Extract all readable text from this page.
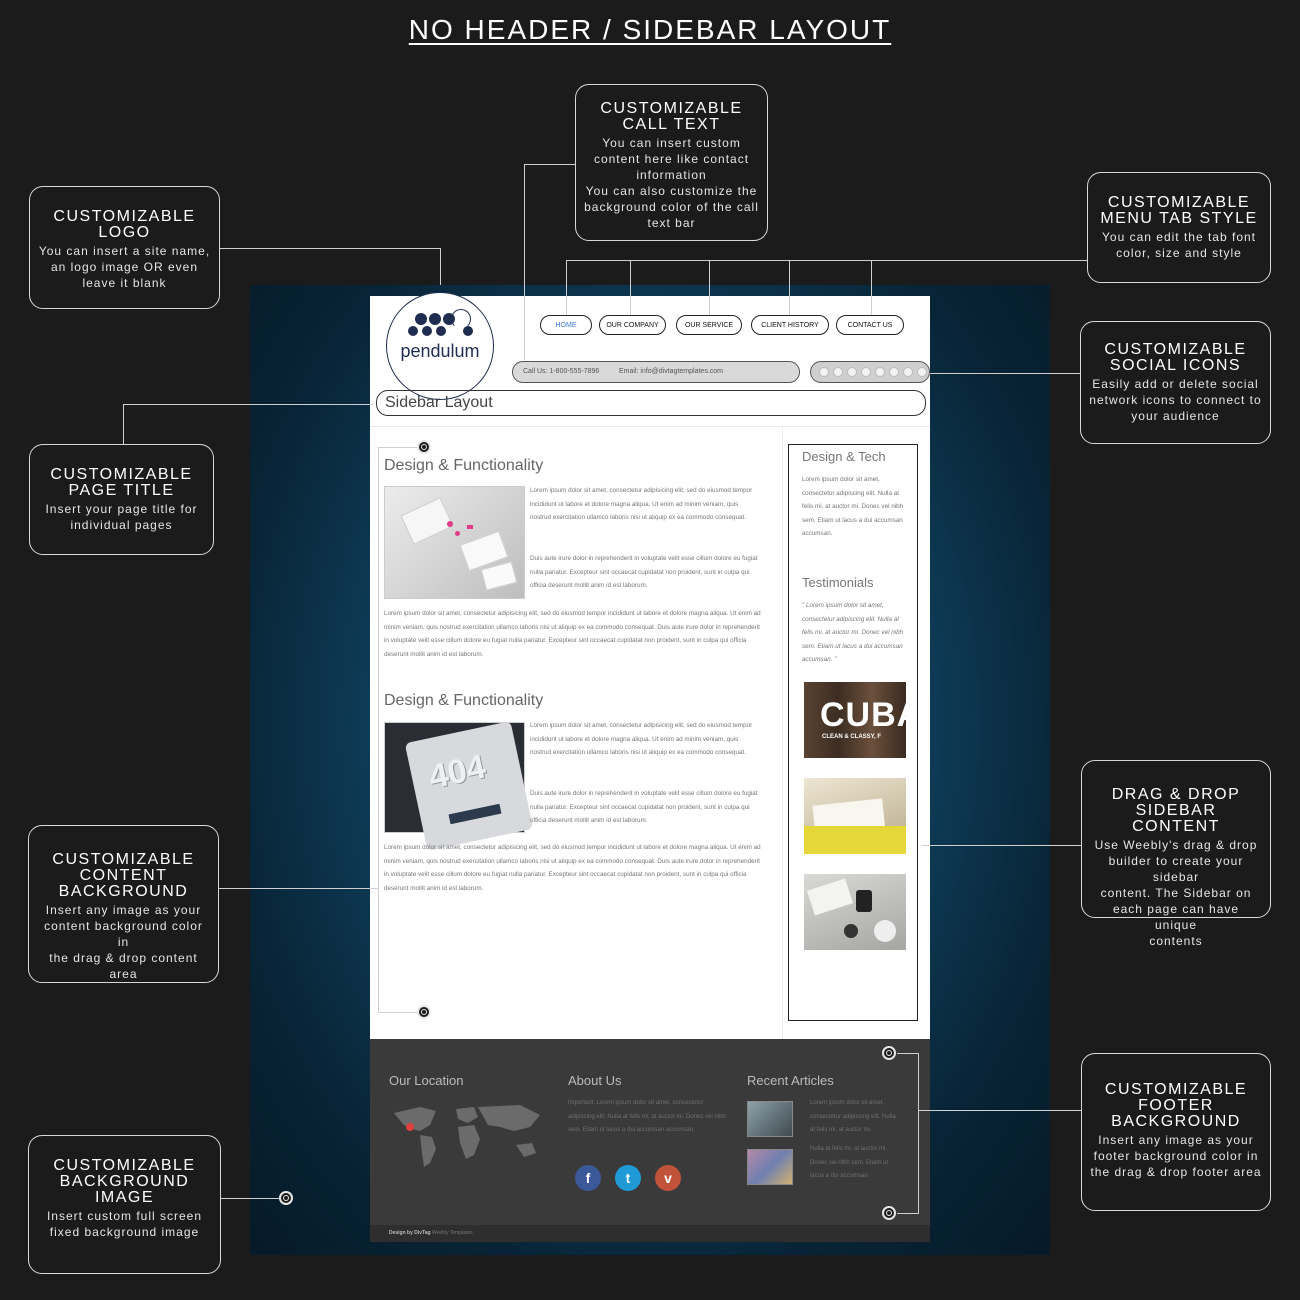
NO HEADER / SIDEBAR LAYOUT
pendulum
HOME	OUR COMPANY	OUR SERVICE	CLIENT HISTORY	CONTACT US
Call Us: 1-800-555-7896	Email: info@divtagtemplates.com
Sidebar Layout
Design & Functionality
Lorem ipsum dolor sit amet, consectetur adipisicing elit, sed do eiusmod tempor incididunt ut labore et dolore magna aliqua. Ut enim ad minim veniam, quis nostrud exercitation ullamco laboris nisi ut aliquip ex ea commodo consequat.
Duis aute irure dolor in reprehenderit in voluptate velit esse cillum dolore eu fugiat nulla pariatur. Excepteur sint occaecat cupidatat non proident, sunt in culpa qui officia deserunt mollit anim id est laborum.
Lorem ipsum dolor sit amet, consectetur adipisicing elit, sed do eiusmod tempor incididunt ut labore et dolore magna aliqua. Ut enim ad minim veniam, quis nostrud exercitation ullamco laboris nisi ut aliquip ex ea commodo consequat. Duis aute irure dolor in reprehenderit in voluptate velit esse cillum dolore eu fugiat nulla pariatur. Excepteur sint occaecat cupidatat non proident, sunt in culpa qui officia deserunt mollit anim id est laborum.
Design & Functionality
404
Lorem ipsum dolor sit amet, consectetur adipisicing elit, sed do eiusmod tempor incididunt ut labore et dolore magna aliqua. Ut enim ad minim veniam, quis nostrud exercitation ullamco laboris nisi ut aliquip ex ea commodo consequat.
Duis aute irure dolor in reprehenderit in voluptate velit esse cillum dolore eu fugiat nulla pariatur. Excepteur sint occaecat cupidatat non proident, sunt in culpa qui officia deserunt mollit anim id est laborum.
Lorem ipsum dolor sit amet, consectetur adipisicing elit, sed do eiusmod tempor incididunt ut labore et dolore magna aliqua. Ut enim ad minim veniam, quis nostrud exercitation ullamco laboris nisi ut aliquip ex ea commodo consequat. Duis aute irure dolor in reprehenderit in voluptate velit esse cillum dolore eu fugiat nulla pariatur. Excepteur sint occaecat cupidatat non proident, sunt in culpa qui officia deserunt mollit anim id est laborum.
Design & Tech
Lorem ipsum dolor sit amet, consectetur adipiscing elit. Nulla at felis mi, at auctor mi. Donec vel nibh sem. Etiam ut lacus a dui accumsan accumsan.
Testimonials
" Lorem ipsum dolor sit amet, consectetur adipiscing elit. Nulla at felis mi, at auctor mi. Donec vel nibh sem. Etiam ut lacus a dui accumsan accumsan. "
CUBA
CLEAN & CLASSY, F
Our Location	About Us
Important: Lorem ipsum dolor sit amet, consectetur adipiscing elit. Nulla at felis mi, at auctor mi. Donec vel nibh sem. Etiam ut lacus a dui accumsan accumsan.
f	t	v
Recent Articles
Lorem ipsum dolor sit amet, consectetur adipiscing elit. Nulla at felis mi, at auctor mi.
Nulla at felis mi, at auctor mi. Donec vel nibh sem. Etiam ut lacus a dui accumsan.
Design by DivTag Weebly Templates
CUSTOMIZABLE
CALL TEXT
You can insert custom
content here like contact
information
You can also customize the
background color of the call
text bar
CUSTOMIZABLE
LOGO
You can insert a site name,
an logo image OR even
leave it blank
CUSTOMIZABLE
MENU TAB STYLE
You can edit the tab font
color, size and style
CUSTOMIZABLE
SOCIAL ICONS
Easily add or delete social
network icons to connect to
your audience
CUSTOMIZABLE
PAGE TITLE
Insert your page title for
individual pages
DRAG & DROP
SIDEBAR CONTENT
Use Weebly's drag & drop
builder to create your sidebar
content. The Sidebar on
each page can have unique
contents
CUSTOMIZABLE
CONTENT
BACKGROUND
Insert any image as your
content background color in
the drag & drop content area
CUSTOMIZABLE
FOOTER
BACKGROUND
Insert any image as your
footer background color in
the drag & drop footer area
CUSTOMIZABLE
BACKGROUND
IMAGE
Insert custom full screen
fixed background image
